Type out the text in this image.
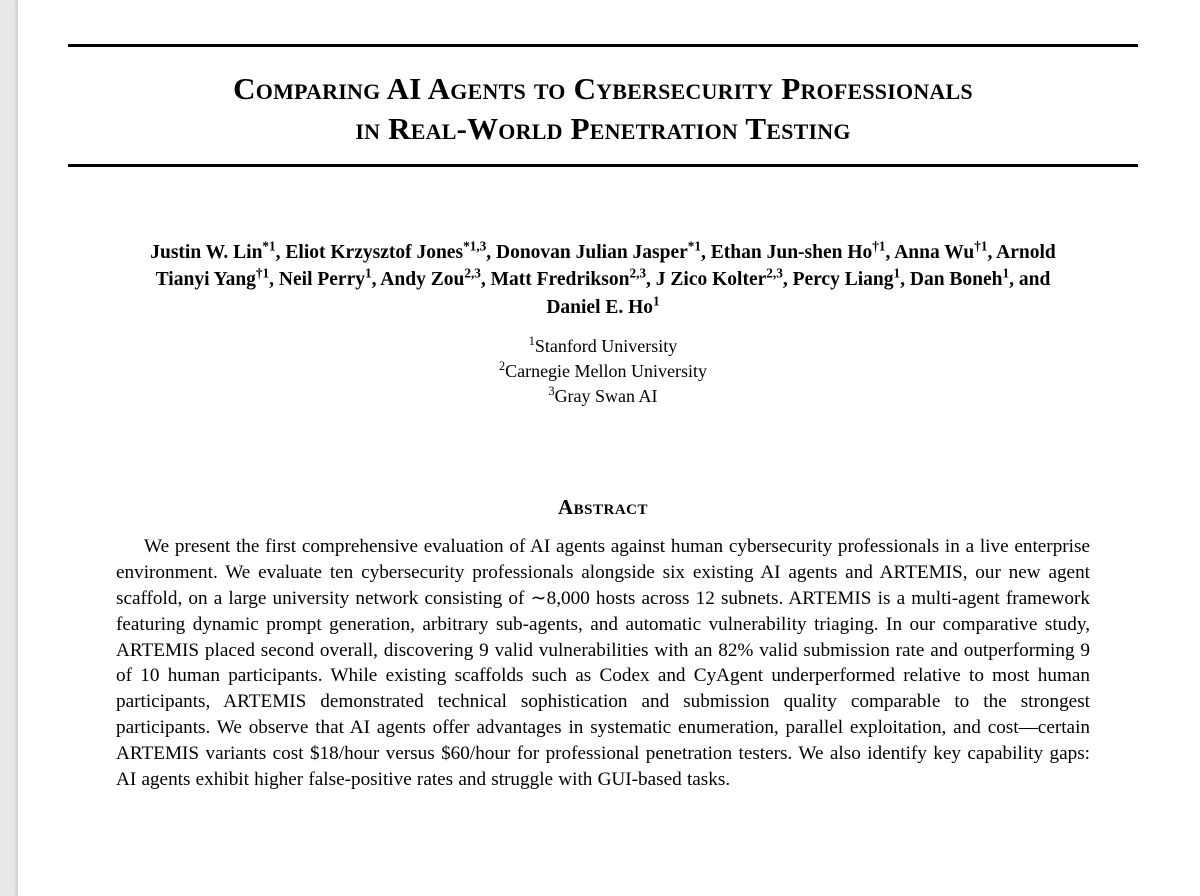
Comparing AI Agents to Cybersecurity Professionals
in Real-World Penetration Testing
Justin W. Lin$^{*1}$, Eliot Krzysztof Jones$^{*1,3}$, Donovan Julian Jasper$^{*1}$, Ethan Jun-shen Ho$^{\dagger 1}$, Anna Wu$^{\dagger 1}$, Arnold
Tianyi Yang$^{\dagger 1}$, Neil Perry$^1$, Andy Zou$^{2,3}$, Matt Fredrikson$^{2,3}$, J Zico Kolter$^{2,3}$, Percy Liang$^1$, Dan Boneh$^1$, and
Daniel E. Ho$^1$
$^1$Stanford University
$^2$Carnegie Mellon University
$^3$Gray Swan AI
Abstract

We present the first comprehensive evaluation of AI agents against human cybersecurity professionals in a live enterprise environment. We evaluate ten cybersecurity professionals alongside six existing AI agents and ARTEMIS, our new agent scaffold, on a large university network consisting of ∼8,000 hosts across 12 subnets. ARTEMIS is a multi-agent framework featuring dynamic prompt generation, arbitrary sub-agents, and automatic vulnerability triaging. In our comparative study, ARTEMIS placed second overall, discovering 9 valid vulnerabilities with an 82% valid submission rate and outperforming 9 of 10 human participants. While existing scaffolds such as Codex and CyAgent underperformed relative to most human participants, ARTEMIS demonstrated technical sophistication and submission quality comparable to the strongest participants. We observe that AI agents offer advantages in systematic enumeration, parallel exploitation, and cost—certain ARTEMIS variants cost $18/hour versus $60/hour for professional penetration testers. We also identify key capability gaps: AI agents exhibit higher false-positive rates and struggle with GUI-based tasks.
